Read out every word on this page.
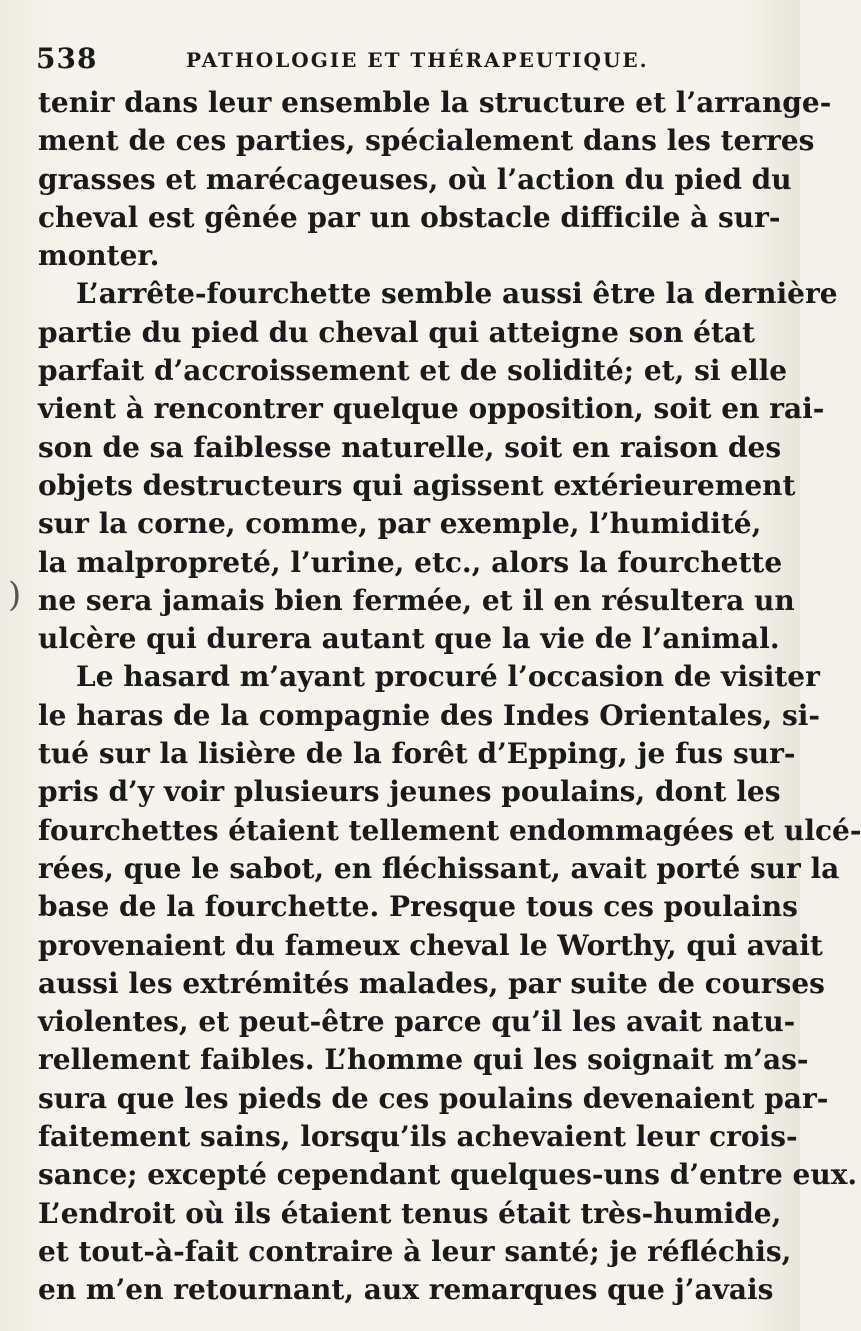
538	PATHOLOGIE ET THÉRAPEUTIQUE.
)
tenir dans leur ensemble la structure et l’arrange-
ment de ces parties, spécialement dans les terres
grasses et marécageuses, où l’action du pied du
cheval est gênée par un obstacle difficile à sur-
monter.
L’arrête-fourchette semble aussi être la dernière
partie du pied du cheval qui atteigne son état
parfait d’accroissement et de solidité; et, si elle
vient à rencontrer quelque opposition, soit en rai-
son de sa faiblesse naturelle, soit en raison des
objets destructeurs qui agissent extérieurement
sur la corne, comme, par exemple, l’humidité,
la malpropreté, l’urine, etc., alors la fourchette
ne sera jamais bien fermée, et il en résultera un
ulcère qui durera autant que la vie de l’animal.
Le hasard m’ayant procuré l’occasion de visiter
le haras de la compagnie des Indes Orientales, si-
tué sur la lisière de la forêt d’Epping, je fus sur-
pris d’y voir plusieurs jeunes poulains, dont les
fourchettes étaient tellement endommagées et ulcé-
rées, que le sabot, en fléchissant, avait porté sur la
base de la fourchette. Presque tous ces poulains
provenaient du fameux cheval le Worthy, qui avait
aussi les extrémités malades, par suite de courses
violentes, et peut-être parce qu’il les avait natu-
rellement faibles. L’homme qui les soignait m’as-
sura que les pieds de ces poulains devenaient par-
faitement sains, lorsqu’ils achevaient leur crois-
sance; excepté cependant quelques-uns d’entre eux.
L’endroit où ils étaient tenus était très-humide,
et tout-à-fait contraire à leur santé; je réfléchis,
en m’en retournant, aux remarques que j’avais
